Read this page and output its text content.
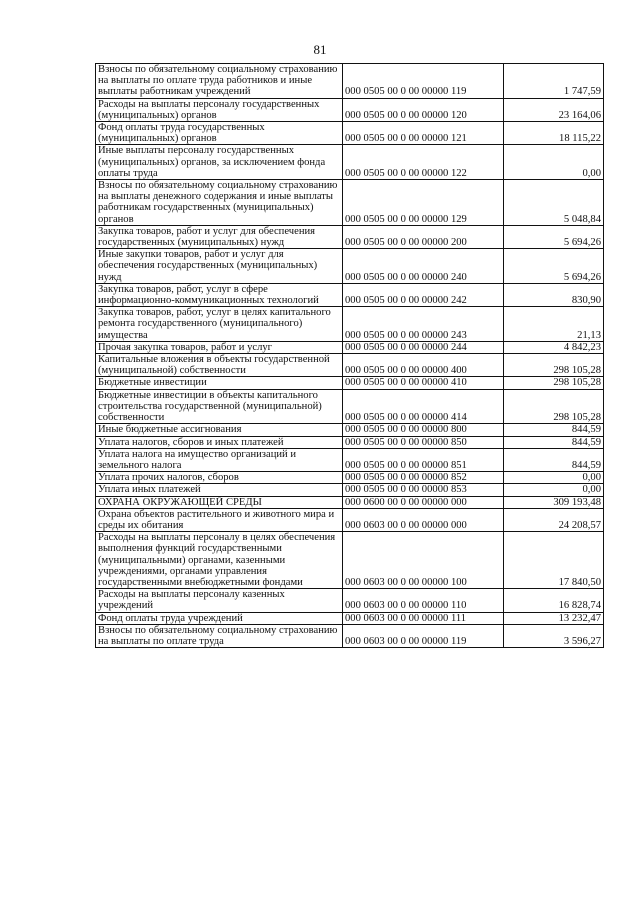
81
Взносы по обязательному социальному страхованию на выплаты по оплате труда работников и иные выплаты работникам учреждений	000 0505 00 0 00 00000 119	1 747,59
Расходы на выплаты персоналу государственных (муниципальных) органов	000 0505 00 0 00 00000 120	23 164,06
Фонд оплаты труда государственных (муниципальных) органов	000 0505 00 0 00 00000 121	18 115,22
Иные выплаты персоналу государственных (муниципальных) органов, за исключением фонда оплаты труда	000 0505 00 0 00 00000 122	0,00
Взносы по обязательному социальному страхованию на выплаты денежного содержания и иные выплаты работникам государственных (муниципальных) органов	000 0505 00 0 00 00000 129	5 048,84
Закупка товаров, работ и услуг для обеспечения государственных (муниципальных) нужд	000 0505 00 0 00 00000 200	5 694,26
Иные закупки товаров, работ и услуг для обеспечения государственных (муниципальных) нужд	000 0505 00 0 00 00000 240	5 694,26
Закупка товаров, работ, услуг в сфере информационно-коммуникационных технологий	000 0505 00 0 00 00000 242	830,90
Закупка товаров, работ, услуг в целях капитального ремонта государственного (муниципального) имущества	000 0505 00 0 00 00000 243	21,13
Прочая закупка товаров, работ и услуг	000 0505 00 0 00 00000 244	4 842,23
Капитальные вложения в объекты государственной (муниципальной) собственности	000 0505 00 0 00 00000 400	298 105,28
Бюджетные инвестиции	000 0505 00 0 00 00000 410	298 105,28
Бюджетные инвестиции в объекты капитального строительства государственной (муниципальной) собственности	000 0505 00 0 00 00000 414	298 105,28
Иные бюджетные ассигнования	000 0505 00 0 00 00000 800	844,59
Уплата налогов, сборов и иных платежей	000 0505 00 0 00 00000 850	844,59
Уплата налога на имущество организаций и земельного налога	000 0505 00 0 00 00000 851	844,59
Уплата прочих налогов, сборов	000 0505 00 0 00 00000 852	0,00
Уплата иных платежей	000 0505 00 0 00 00000 853	0,00
ОХРАНА ОКРУЖАЮЩЕЙ СРЕДЫ	000 0600 00 0 00 00000 000	309 193,48
Охрана объектов растительного и животного мира и среды их обитания	000 0603 00 0 00 00000 000	24 208,57
Расходы на выплаты персоналу в целях обеспечения выполнения функций государственными (муниципальными) органами, казенными учреждениями, органами управления государственными внебюджетными фондами	000 0603 00 0 00 00000 100	17 840,50
Расходы на выплаты персоналу казенных учреждений	000 0603 00 0 00 00000 110	16 828,74
Фонд оплаты труда учреждений	000 0603 00 0 00 00000 111	13 232,47
Взносы по обязательному социальному страхованию на выплаты по оплате труда	000 0603 00 0 00 00000 119	3 596,27
